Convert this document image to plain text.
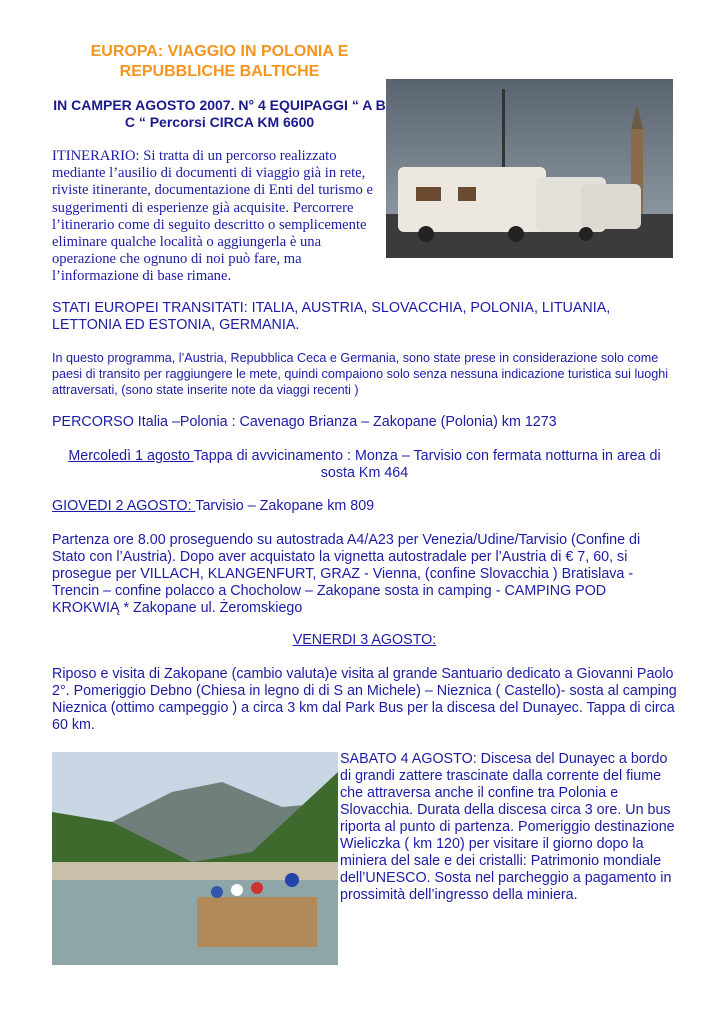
EUROPA: VIAGGIO IN POLONIA E REPUBBLICHE BALTICHE
IN CAMPER AGOSTO 2007. N° 4 EQUIPAGGI “ A B C “ Percorsi CIRCA KM 6600
ITINERARIO: Si tratta di un percorso realizzato mediante l’ausilio di documenti di viaggio già in rete, riviste itinerante, documentazione di Enti del turismo e suggerimenti di esperienze già acquisite. Percorrere l’itinerario come di seguito descritto o semplicemente eliminare qualche località o aggiungerla è una operazione che ognuno di noi può fare, ma l’informazione di base rimane.
STATI EUROPEI TRANSITATI: ITALIA, AUSTRIA, SLOVACCHIA, POLONIA, LITUANIA, LETTONIA ED ESTONIA, GERMANIA.
In questo programma, l’Austria, Repubblica Ceca e Germania, sono state prese in considerazione solo come paesi di transito per raggiungere le mete, quindi compaiono solo senza nessuna indicazione turistica sui luoghi attraversati, (sono state inserite note da viaggi recenti )
PERCORSO Italia –Polonia : Cavenago Brianza – Zakopane (Polonia) km 1273
Mercoledì 1 agosto Tappa di avvicinamento : Monza – Tarvisio con fermata notturna in area di sosta Km 464
GIOVEDI 2 AGOSTO: Tarvisio – Zakopane km 809
Partenza ore 8.00 proseguendo su autostrada A4/A23 per Venezia/Udine/Tarvisio (Confine di Stato con l’Austria). Dopo aver acquistato la vignetta autostradale per l’Austria di € 7, 60, si prosegue per VILLACH, KLANGENFURT, GRAZ - Vienna, (confine Slovacchia ) Bratislava - Trencin – confine polacco a Chocholow – Zakopane sosta in camping - CAMPING POD KROKWIĄ * Zakopane ul. Żeromskiego
VENERDI 3 AGOSTO:
Riposo e visita di Zakopane (cambio valuta)e visita al grande Santuario dedicato a Giovanni Paolo 2°. Pomeriggio Debno (Chiesa in legno di di S an Michele) – Nieznica ( Castello)- sosta al camping Nieznica (ottimo campeggio ) a circa 3 km dal Park Bus per la discesa del Dunayec. Tappa di circa 60 km.
SABATO 4 AGOSTO: Discesa del Dunayec a bordo di grandi zattere trascinate dalla corrente del fiume che attraversa anche il confine tra Polonia e Slovacchia. Durata della discesa circa 3 ore. Un bus riporta al punto di partenza. Pomeriggio destinazione Wieliczka ( km 120) per visitare il giorno dopo la miniera del sale e dei cristalli: Patrimonio mondiale dell’UNESCO. Sosta nel parcheggio a pagamento in prossimità dell’ingresso della miniera.
